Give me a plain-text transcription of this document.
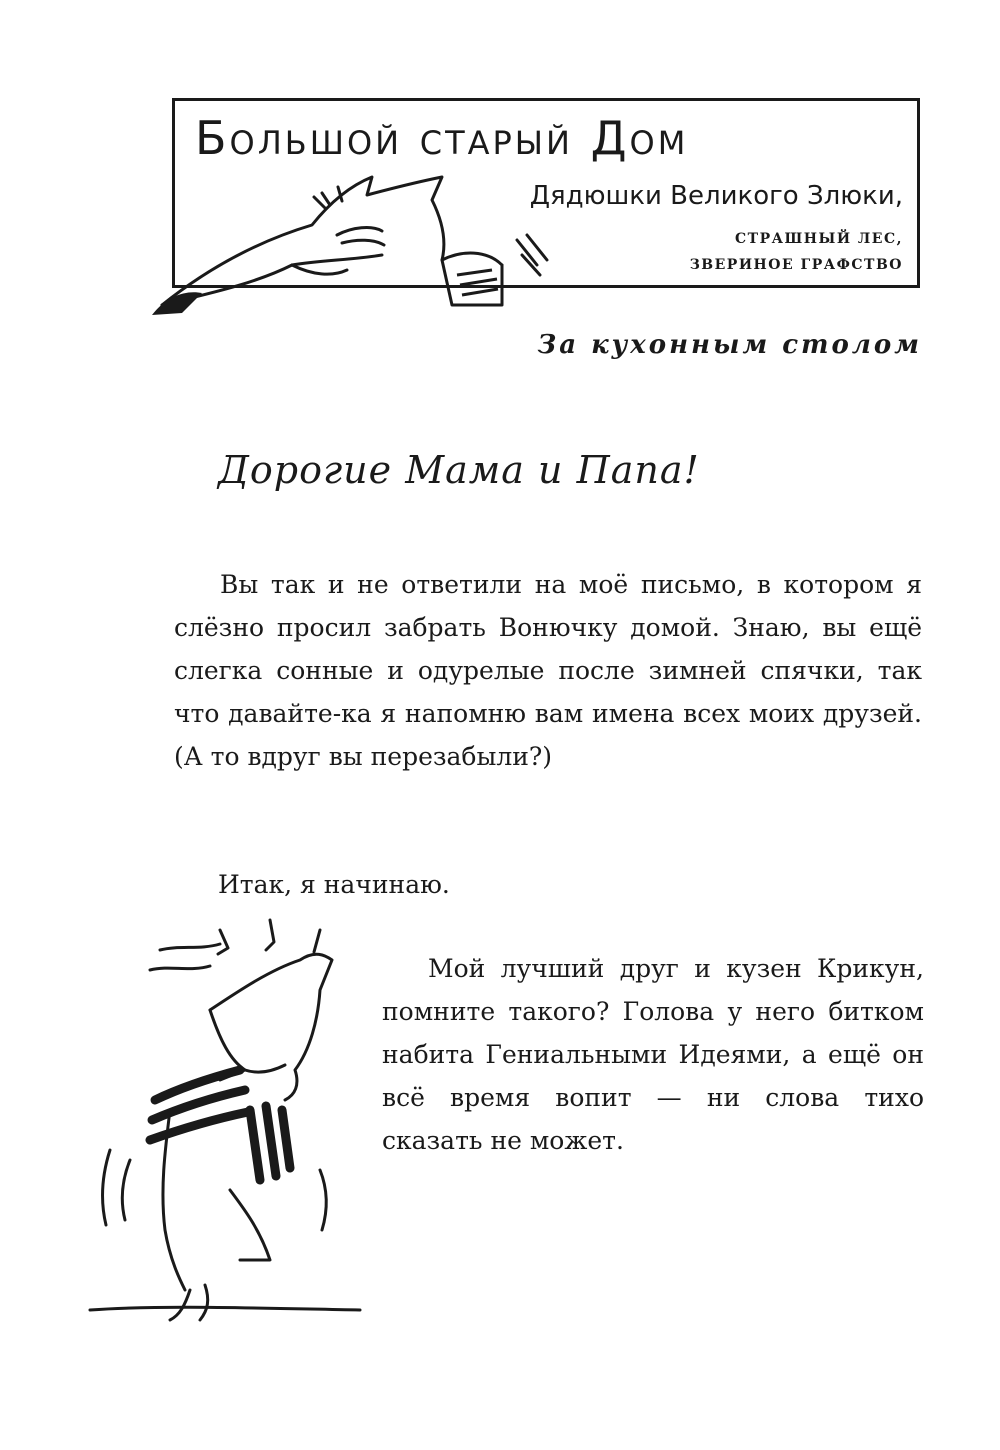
Большой старый Дом
Дядюшки Великого Злюки,
СТРАШНЫЙ ЛЕС,
ЗВЕРИНОЕ ГРАФСТВО
За кухонным столом
Дорогие Мама и Папа!

Вы так и не ответили на моё письмо, в котором я слёзно просил забрать Вонючку домой. Знаю, вы ещё слегка сонные и одурелые после зимней спячки, так что давайте-ка я напомню вам имена всех моих друзей. (А то вдруг вы перезабыли?)

Итак, я начинаю.

Мой лучший друг и кузен Крикун, помните такого? Голова у него битком набита Гениальными Идеями, а ещё он всё время вопит — ни слова тихо сказать не может.
